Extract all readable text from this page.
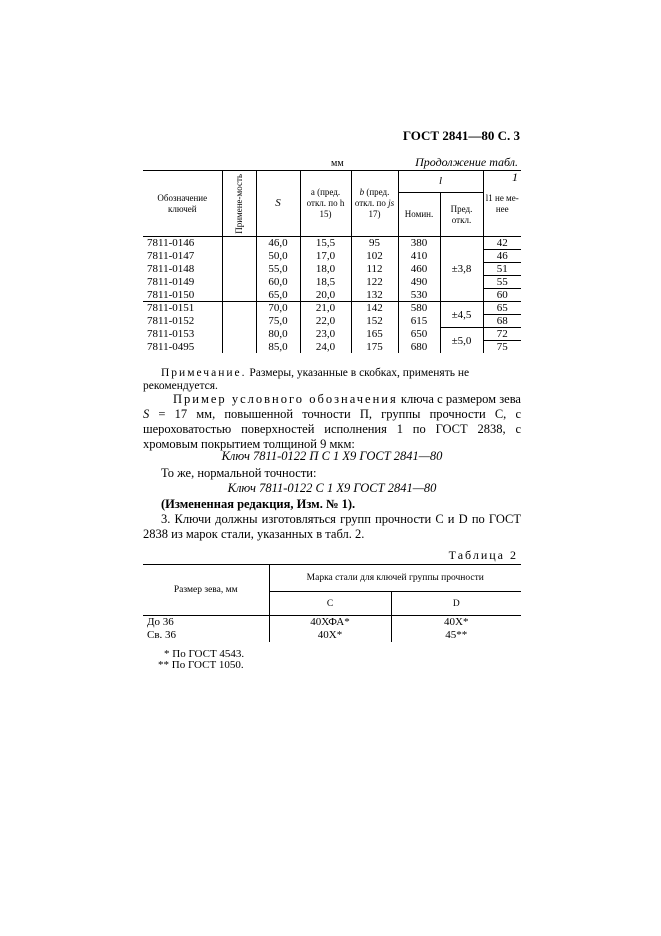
ГОСТ 2841—80 С. 3
мм	Продолжение табл. 1
Обозначение ключей	Примене-мость	S	а (пред. откл. по h 15)	b (пред. откл. по js 17)	l		l1 не ме-нее
					Номин.	Пред. откл.	
7811-0146		46,0	15,5	95	380	±3,8	42
7811-0147		50,0	17,0	102	410		46
7811-0148		55,0	18,0	112	460		51
7811-0149		60,0	18,5	122	490		55
7811-0150		65,0	20,0	132	530		60
7811-0151		70,0	21,0	142	580	±4,5	65
7811-0152		75,0	22,0	152	615		68
7811-0153		80,0	23,0	165	650	±5,0	72
7811-0495		85,0	24,0	175	680		75
Примечание. Размеры, указанные в скобках, применять не рекомендуется.
Пример условного обозначения ключа с размером зева S = 17 мм, повышенной точности П, группы прочности С, с шероховатостью поверхностей исполнения 1 по ГОСТ 2838, с хромовым покрытием толщиной 9 мкм:
Ключ 7811-0122 П С 1 Х9 ГОСТ 2841—80
То же, нормальной точности:
Ключ 7811-0122 С 1 Х9 ГОСТ 2841—80
(Измененная редакция, Изм. № 1).
3. Ключи должны изготовляться групп прочности С и D по ГОСТ 2838 из марок стали, указанных в табл. 2.
Таблица 2
Размер зева, мм	Марка стали для ключей группы прочности	
	С	D
До 36	40ХФА*	40Х*
Св. 36	40Х*	45**
* По ГОСТ 4543.
** По ГОСТ 1050.
